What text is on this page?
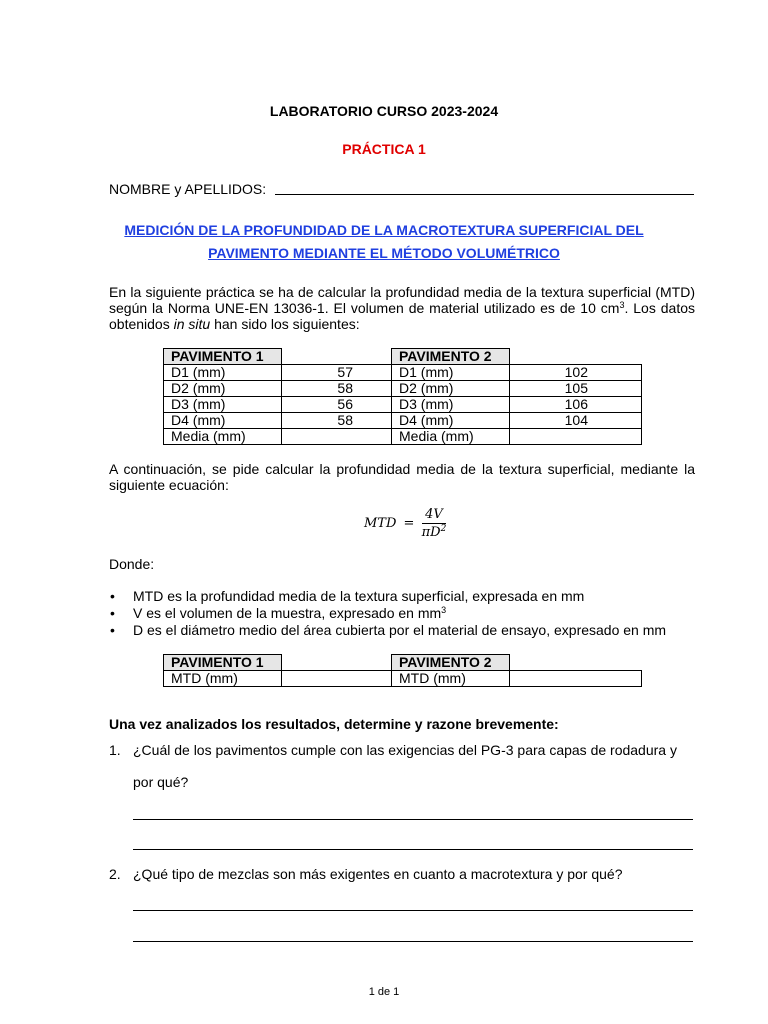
LABORATORIO CURSO 2023-2024
PRÁCTICA 1
NOMBRE y APELLIDOS:
MEDICIÓN DE LA PROFUNDIDAD DE LA MACROTEXTURA SUPERFICIAL DEL
PAVIMENTO MEDIANTE EL MÉTODO VOLUMÉTRICO
En la siguiente práctica se ha de calcular la profundidad media de la textura superficial (MTD)
según la Norma UNE-EN 13036-1. El volumen de material utilizado es de 10 $cm^3$. Los datos
obtenidos in situ han sido los siguientes:
PAVIMENTO 1		PAVIMENTO 2	
D1 (mm)	57	D1 (mm)	102
D2 (mm)	58	D2 (mm)	105
D3 (mm)	56	D3 (mm)	106
D4 (mm)	58	D4 (mm)	104
Media (mm)		Media (mm)	
A continuación, se pide calcular la profundidad media de la textura superficial, mediante la
siguiente ecuación:
MTD = $\frac{4V}{\pi D^2}$
Donde:
• MTD es la profundidad media de la textura superficial, expresada en mm
• V es el volumen de la muestra, expresado en $mm^3$
• D es el diámetro medio del área cubierta por el material de ensayo, expresado en mm
PAVIMENTO 1		PAVIMENTO 2	
MTD (mm)		MTD (mm)	
Una vez analizados los resultados, determine y razone brevemente:
1. ¿Cuál de los pavimentos cumple con las exigencias del PG-3 para capas de rodadura y
por qué?
2. ¿Qué tipo de mezclas son más exigentes en cuanto a macrotextura y por qué?
1 de 1
